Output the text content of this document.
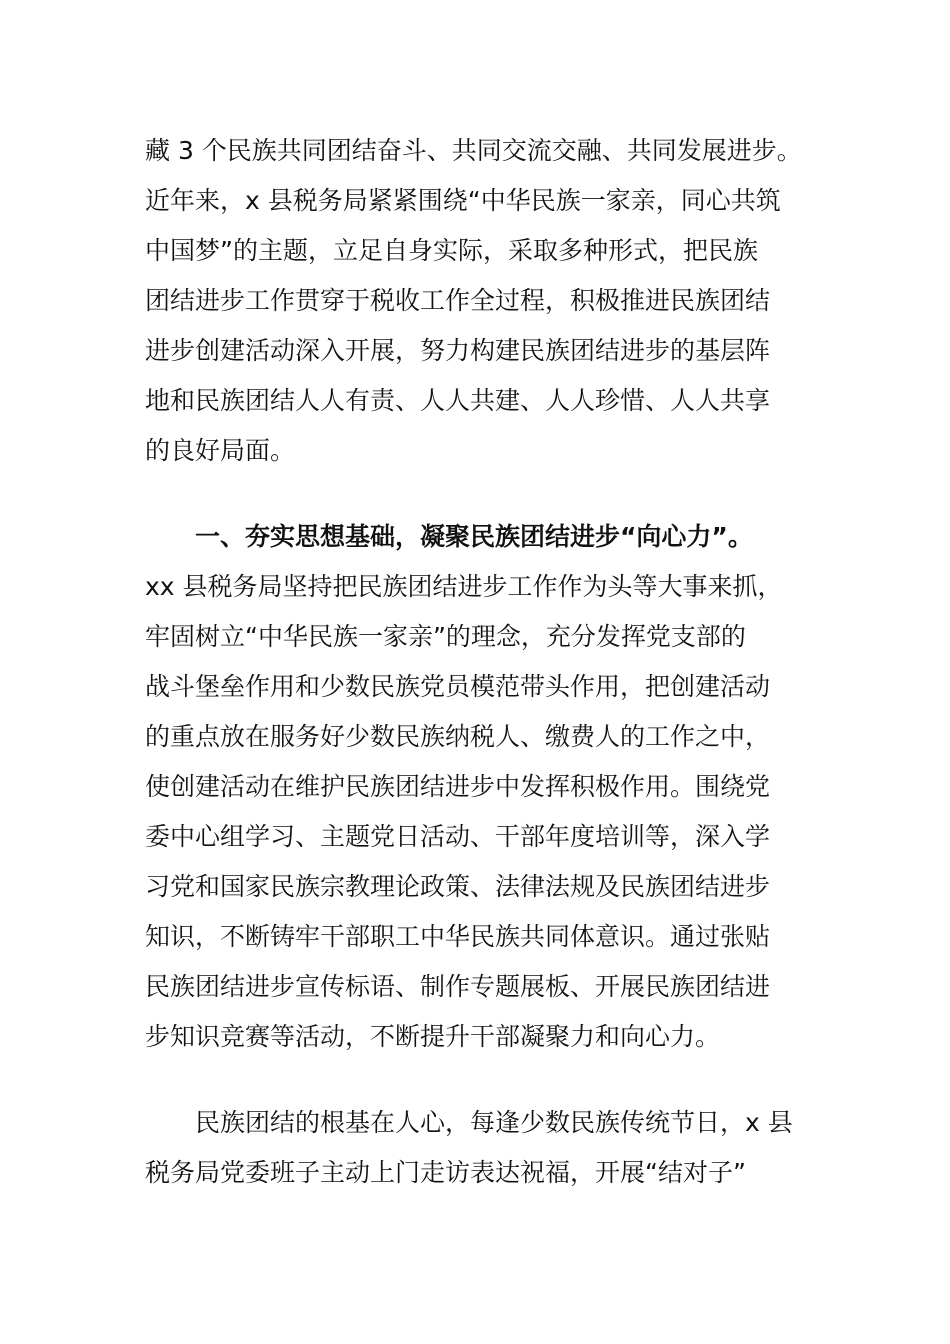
藏 3 个民族共同团结奋斗、共同交流交融、共同发展进步。
近年来，x 县税务局紧紧围绕“中华民族一家亲，同心共筑
中国梦”的主题，立足自身实际，采取多种形式，把民族
团结进步工作贯穿于税收工作全过程，积极推进民族团结
进步创建活动深入开展，努力构建民族团结进步的基层阵
地和民族团结人人有责、人人共建、人人珍惜、人人共享
的良好局面。
一、夯实思想基础，凝聚民族团结进步“向心力”。
xx 县税务局坚持把民族团结进步工作作为头等大事来抓，
牢固树立“中华民族一家亲”的理念，充分发挥党支部的
战斗堡垒作用和少数民族党员模范带头作用，把创建活动
的重点放在服务好少数民族纳税人、缴费人的工作之中，
使创建活动在维护民族团结进步中发挥积极作用。围绕党
委中心组学习、主题党日活动、干部年度培训等，深入学
习党和国家民族宗教理论政策、法律法规及民族团结进步
知识，不断铸牢干部职工中华民族共同体意识。通过张贴
民族团结进步宣传标语、制作专题展板、开展民族团结进
步知识竞赛等活动，不断提升干部凝聚力和向心力。
民族团结的根基在人心，每逢少数民族传统节日，x 县
税务局党委班子主动上门走访表达祝福，开展“结对子”
